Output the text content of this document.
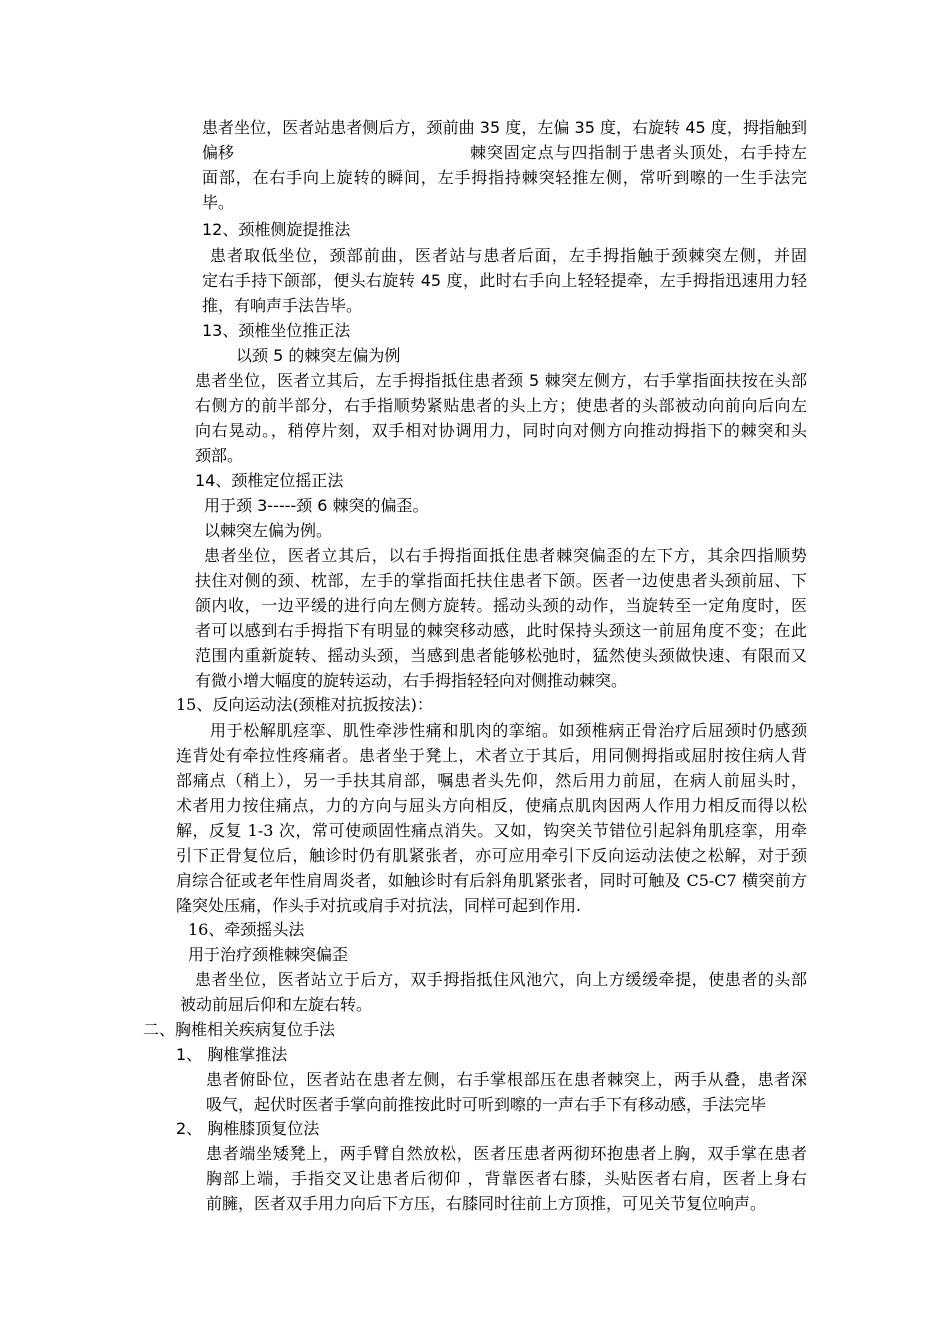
患者坐位，医者站患者侧后方，颈前曲 35 度，左偏 35 度，右旋转 45 度，拇指触到
偏移	棘突固定点与四指制于患者头顶处，右手持左
面部，在右手向上旋转的瞬间，左手拇指持棘突轻推左侧，常听到嚓的一生手法完
毕。
12、颈椎侧旋提推法
患者取低坐位，颈部前曲，医者站与患者后面，左手拇指触于颈棘突左侧，并固
定右手持下颌部，便头右旋转 45 度，此时右手向上轻轻提牵，左手拇指迅速用力轻
推，有响声手法告毕。
13、颈椎坐位推正法
以颈 5 的棘突左偏为例
患者坐位，医者立其后，左手拇指抵住患者颈 5 棘突左侧方，右手掌指面扶按在头部
右侧方的前半部分，右手指顺势紧贴患者的头上方；使患者的头部被动向前向后向左
向右晃动。，稍停片刻，双手相对协调用力，同时向对侧方向推动拇指下的棘突和头
颈部。
14、颈椎定位摇正法
用于颈 3-----颈 6 棘突的偏歪。
以棘突左偏为例。
患者坐位，医者立其后，以右手拇指面抵住患者棘突偏歪的左下方，其余四指顺势
扶住对侧的颈、枕部，左手的掌指面托扶住患者下颌。医者一边使患者头颈前屈、下
颌内收，一边平缓的进行向左侧方旋转。摇动头颈的动作，当旋转至一定角度时，医
者可以感到右手拇指下有明显的棘突移动感，此时保持头颈这一前屈角度不变；在此
范围内重新旋转、摇动头颈，当感到患者能够松弛时，猛然使头颈做快速、有限而又
有微小增大幅度的旋转运动，右手拇指轻轻向对侧推动棘突。
15、反向运动法(颈椎对抗扳按法)：
用于松解肌痉挛、肌性牵涉性痛和肌肉的挛缩。如颈椎病正骨治疗后屈颈时仍感颈
连背处有牵拉性疼痛者。患者坐于凳上，术者立于其后，用同侧拇指或屈肘按住病人背
部痛点（稍上），另一手扶其肩部，嘱患者头先仰，然后用力前屈，在病人前屈头时，
术者用力按住痛点，力的方向与屈头方向相反，使痛点肌肉因两人作用力相反而得以松
解，反复 1-3 次，常可使顽固性痛点消失。又如，钩突关节错位引起斜角肌痉挛，用牵
引下正骨复位后，触诊时仍有肌紧张者，亦可应用牵引下反向运动法使之松解，对于颈
肩综合征或老年性肩周炎者，如触诊时有后斜角肌紧张者，同时可触及 C5-C7 横突前方
隆突处压痛，作头手对抗或肩手对抗法，同样可起到作用.
16、牵颈摇头法
用于治疗颈椎棘突偏歪
患者坐位，医者站立于后方，双手拇指抵住风池穴，向上方缓缓牵提，使患者的头部
被动前屈后仰和左旋右转。
二、胸椎相关疾病复位手法
1、 胸椎掌推法
患者俯卧位，医者站在患者左侧，右手掌根部压在患者棘突上，两手从叠，患者深
吸气，起伏时医者手掌向前推按此时可听到嚓的一声右手下有移动感，手法完毕
2、 胸椎膝顶复位法
患者端坐矮凳上，两手臂自然放松，医者压患者两彻环抱患者上胸，双手掌在患者
胸部上端，手指交叉让患者后彻仰 ，背靠医者右膝，头贴医者右肩，医者上身右
前臃，医者双手用力向后下方压，右膝同时往前上方顶推，可见关节复位响声。
